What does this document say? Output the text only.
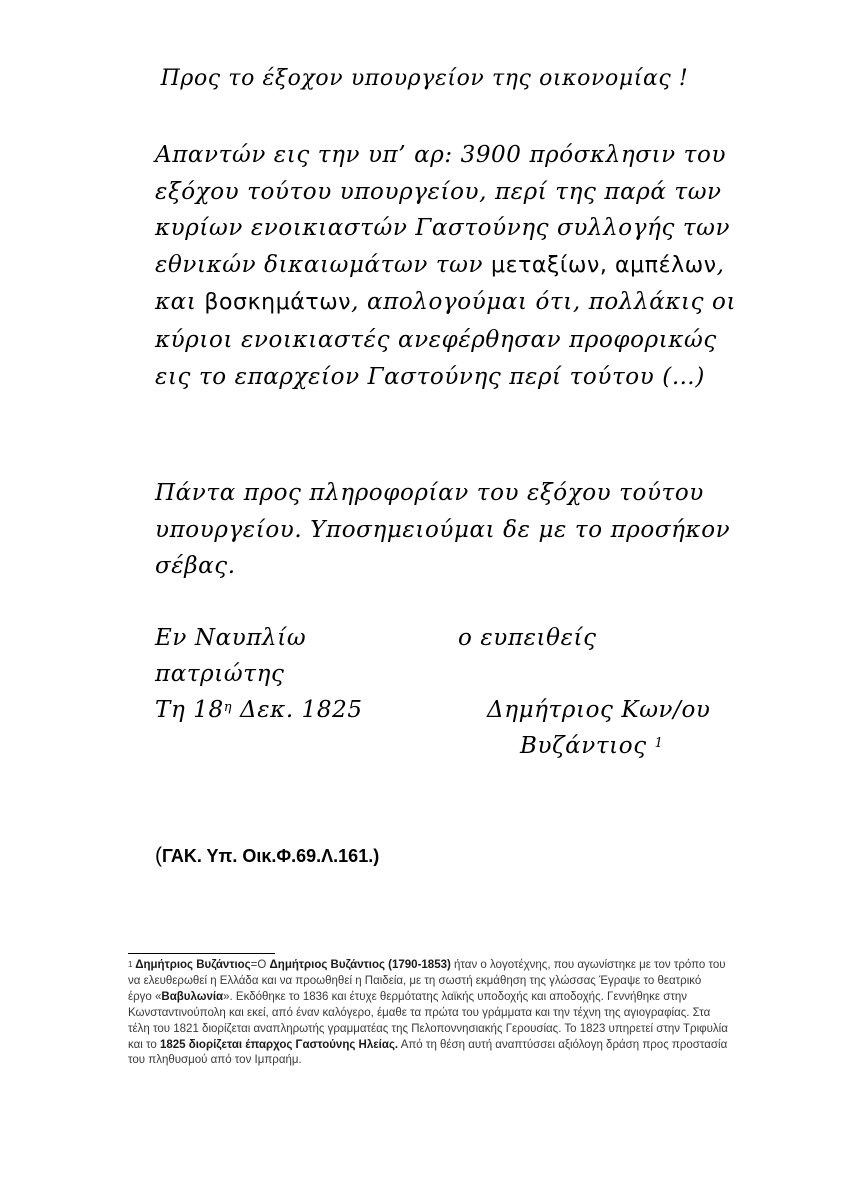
Προς το έξοχον υπουργείον της οικονομίας !
Απαντών εις την υπ’ αρ: 3900 πρόσκλησιν του εξόχου τούτου υπουργείου, περί της παρά των κυρίων ενοικιαστών Γαστούνης συλλογής των εθνικών δικαιωμάτων των μεταξίων, αμπέλων, και βοσκημάτων, απολογούμαι ότι, πολλάκις οι κύριοι ενοικιαστές ανεφέρθησαν προφορικώς εις το επαρχείον Γαστούνης περί τούτου (…)
Πάντα προς πληροφορίαν του εξόχου τούτου υπουργείου. Υποσημειούμαι δε με το προσήκον σέβας.
Εν Ναυπλίω	ο ευπειθείς
πατριώτης
Τη $18^\eta$ Δεκ. 1825	Δημήτριος Κων/ου
Βυζάντιος $^1$
(ΓΑΚ. Υπ. Οικ.Φ.69.Λ.161.)
$^1$ Δημήτριος Βυζάντιος=Ο Δημήτριος Βυζάντιος (1790-1853) ήταν ο λογοτέχνης, που αγωνίστηκε με τον τρόπο του να ελευθερωθεί η Ελλάδα και να προωθηθεί η Παιδεία, με τη σωστή εκμάθηση της γλώσσας Έγραψε το θεατρικό έργο «Βαβυλωνία». Εκδόθηκε το 1836 και έτυχε θερμότατης λαϊκής υποδοχής και αποδοχής. Γεννήθηκε στην Κωνσταντινούπολη και εκεί, από έναν καλόγερο, έμαθε τα πρώτα του γράμματα και την τέχνη της αγιογραφίας. Στα τέλη του 1821 διορίζεται αναπληρωτής γραμματέας της Πελοποννησιακής Γερουσίας. Το 1823 υπηρετεί στην Τριφυλία και το 1825 διορίζεται έπαρχος Γαστούνης Ηλείας. Από τη θέση αυτή αναπτύσσει αξιόλογη δράση προς προστασία του πληθυσμού από τον Ιμπραήμ.
